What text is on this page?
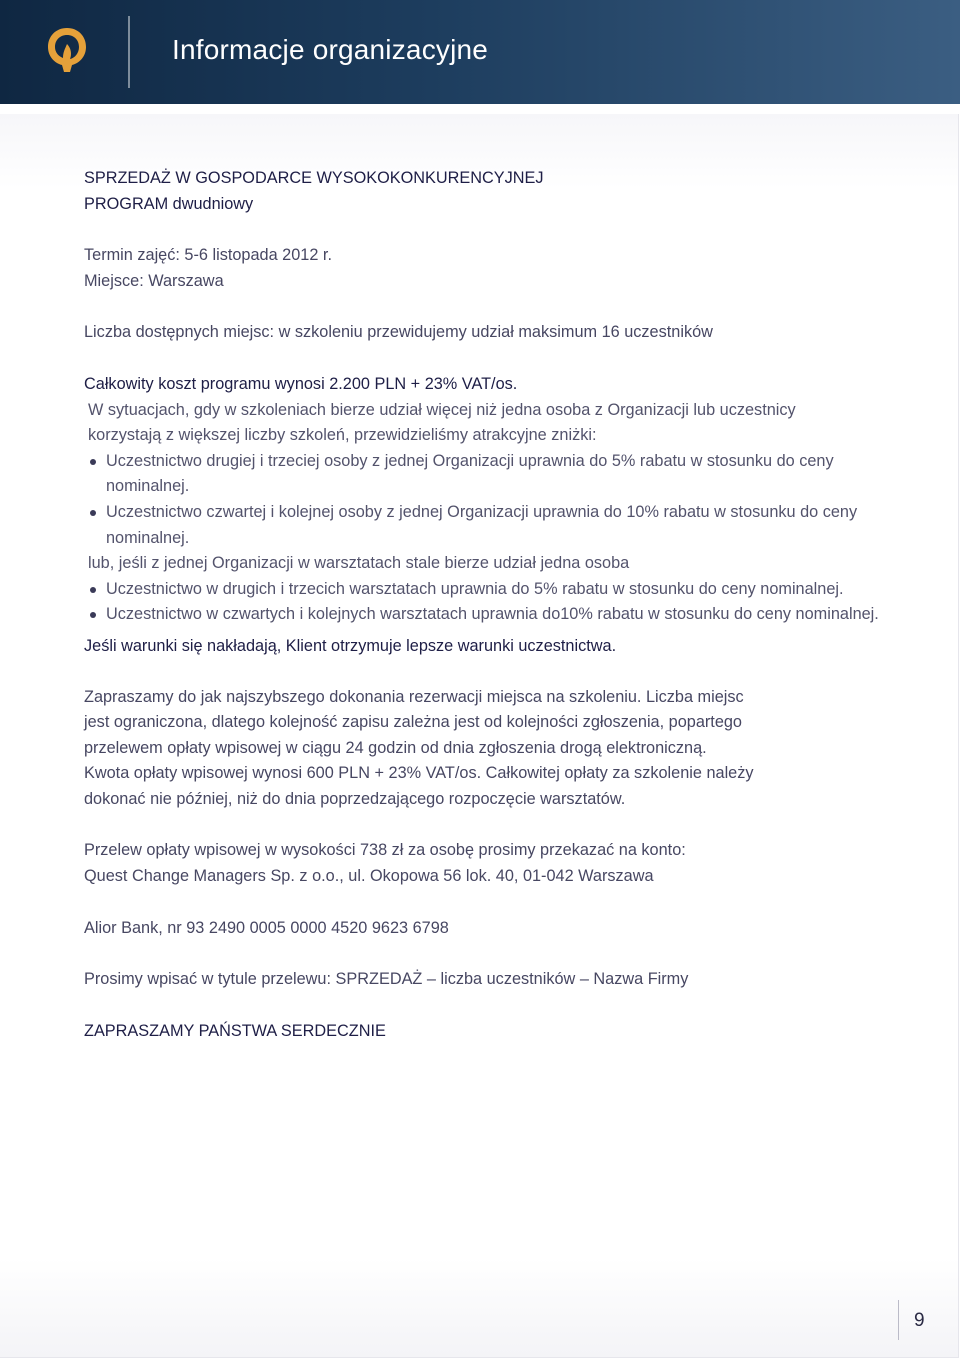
Informacje organizacyjne

SPRZEDAŻ W GOSPODARCE WYSOKOKONKURENCYJNEJ

PROGRAM dwudniowy

Termin zajęć: 5-6 listopada 2012 r.

Miejsce: Warszawa

Liczba dostępnych miejsc: w szkoleniu przewidujemy udział maksimum 16 uczestników

Całkowity koszt programu wynosi 2.200 PLN + 23% VAT/os.

W sytuacjach, gdy w szkoleniach bierze udział więcej niż jedna osoba z Organizacji lub uczestnicy

korzystają z większej liczby szkoleń, przewidzieliśmy atrakcyjne zniżki:

Uczestnictwo drugiej i trzeciej osoby z jednej Organizacji uprawnia do 5% rabatu w stosunku do ceny nominalnej.
Uczestnictwo czwartej i kolejnej osoby z jednej Organizacji uprawnia do 10% rabatu w stosunku do ceny nominalnej.

lub, jeśli z jednej Organizacji w warsztatach stale bierze udział jedna osoba

Uczestnictwo w drugich i trzecich warsztatach uprawnia do 5% rabatu w stosunku do ceny nominalnej.
Uczestnictwo w czwartych i kolejnych warsztatach uprawnia do10% rabatu w stosunku do ceny nominalnej.

Jeśli warunki się nakładają, Klient otrzymuje lepsze warunki uczestnictwa.

Zapraszamy do jak najszybszego dokonania rezerwacji miejsca na szkoleniu. Liczba miejsc

jest ograniczona, dlatego kolejność zapisu zależna jest od kolejności zgłoszenia, popartego

przelewem opłaty wpisowej w ciągu 24 godzin od dnia zgłoszenia drogą elektroniczną.

Kwota opłaty wpisowej wynosi 600 PLN + 23% VAT/os. Całkowitej opłaty za szkolenie należy

dokonać nie później, niż do dnia poprzedzającego rozpoczęcie warsztatów.

Przelew opłaty wpisowej w wysokości 738 zł za osobę prosimy przekazać na konto:

Quest Change Managers Sp. z o.o., ul. Okopowa 56 lok. 40, 01-042 Warszawa

Alior Bank, nr 93 2490 0005 0000 4520 9623 6798

Prosimy wpisać w tytule przelewu: SPRZEDAŻ – liczba uczestników – Nazwa Firmy

ZAPRASZAMY PAŃSTWA SERDECZNIE

9
